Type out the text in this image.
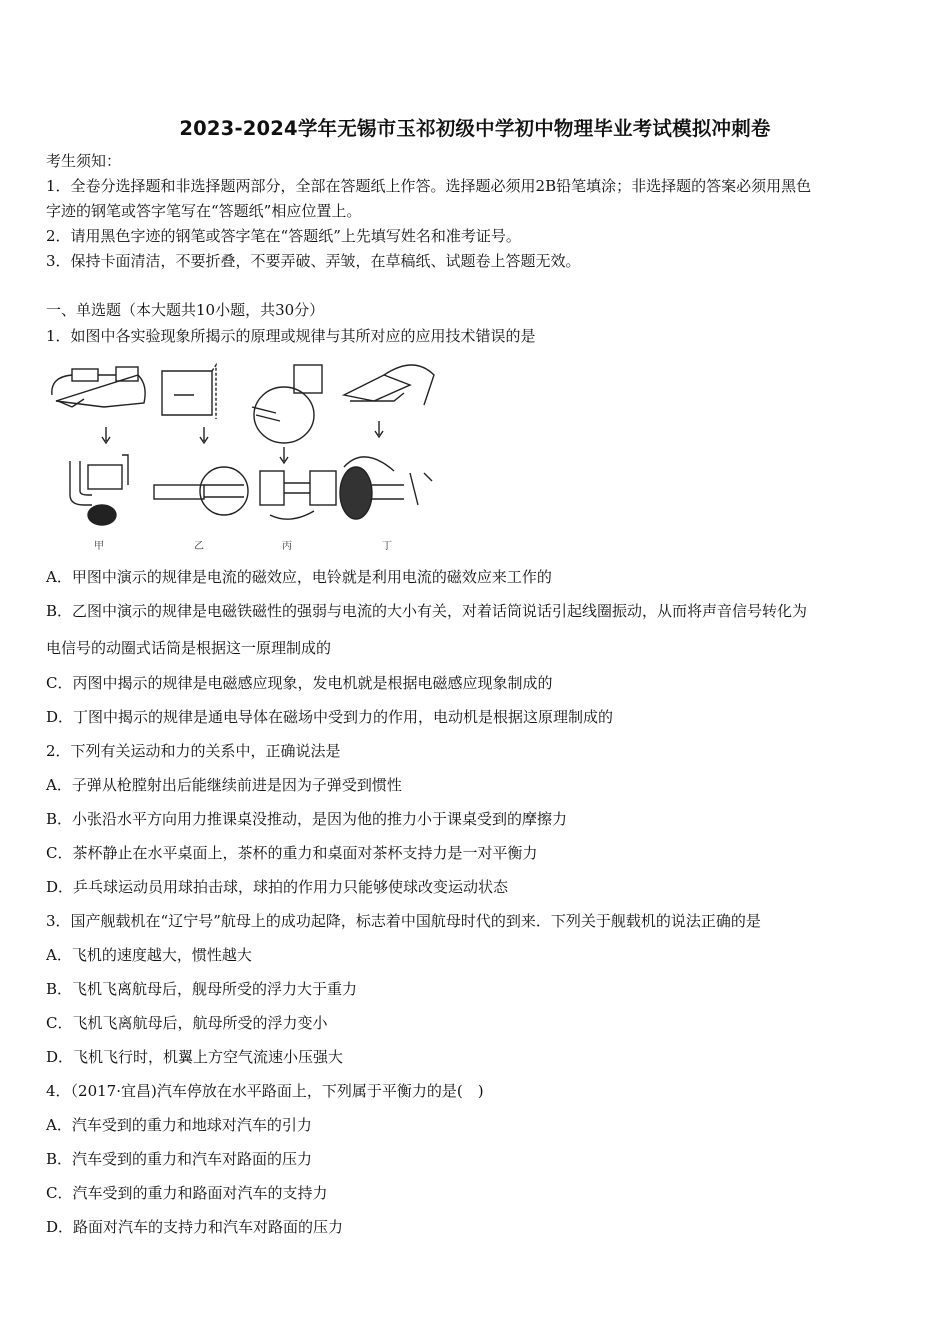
2023-2024学年无锡市玉祁初级中学初中物理毕业考试模拟冲刺卷
考生须知：
1．全卷分选择题和非选择题两部分，全部在答题纸上作答。选择题必须用2B铅笔填涂；非选择题的答案必须用黑色
字迹的钢笔或答字笔写在“答题纸”相应位置上。
2．请用黑色字迹的钢笔或答字笔在“答题纸”上先填写姓名和准考证号。
3．保持卡面清洁，不要折叠，不要弄破、弄皱，在草稿纸、试题卷上答题无效。
一、单选题（本大题共10小题，共30分）
1．如图中各实验现象所揭示的原理或规律与其所对应的应用技术错误的是
甲	乙	丙	丁
A．甲图中演示的规律是电流的磁效应，电铃就是利用电流的磁效应来工作的
B．乙图中演示的规律是电磁铁磁性的强弱与电流的大小有关，对着话筒说话引起线圈振动，从而将声音信号转化为
电信号的动圈式话筒是根据这一原理制成的
C．丙图中揭示的规律是电磁感应现象，发电机就是根据电磁感应现象制成的
D．丁图中揭示的规律是通电导体在磁场中受到力的作用，电动机是根据这原理制成的
2．下列有关运动和力的关系中，正确说法是
A．子弹从枪膛射出后能继续前进是因为子弹受到惯性
B．小张沿水平方向用力推课桌没推动，是因为他的推力小于课桌受到的摩擦力
C．茶杯静止在水平桌面上，茶杯的重力和桌面对茶杯支持力是一对平衡力
D．乒乓球运动员用球拍击球，球拍的作用力只能够使球改变运动状态
3．国产舰载机在“辽宁号”航母上的成功起降，标志着中国航母时代的到来．下列关于舰载机的说法正确的是
A．飞机的速度越大，惯性越大
B．飞机飞离航母后，舰母所受的浮力大于重力
C．飞机飞离航母后，航母所受的浮力变小
D．飞机飞行时，机翼上方空气流速小压强大
4．（2017·宜昌)汽车停放在水平路面上，下列属于平衡力的是(　)
A．汽车受到的重力和地球对汽车的引力
B．汽车受到的重力和汽车对路面的压力
C．汽车受到的重力和路面对汽车的支持力
D．路面对汽车的支持力和汽车对路面的压力
